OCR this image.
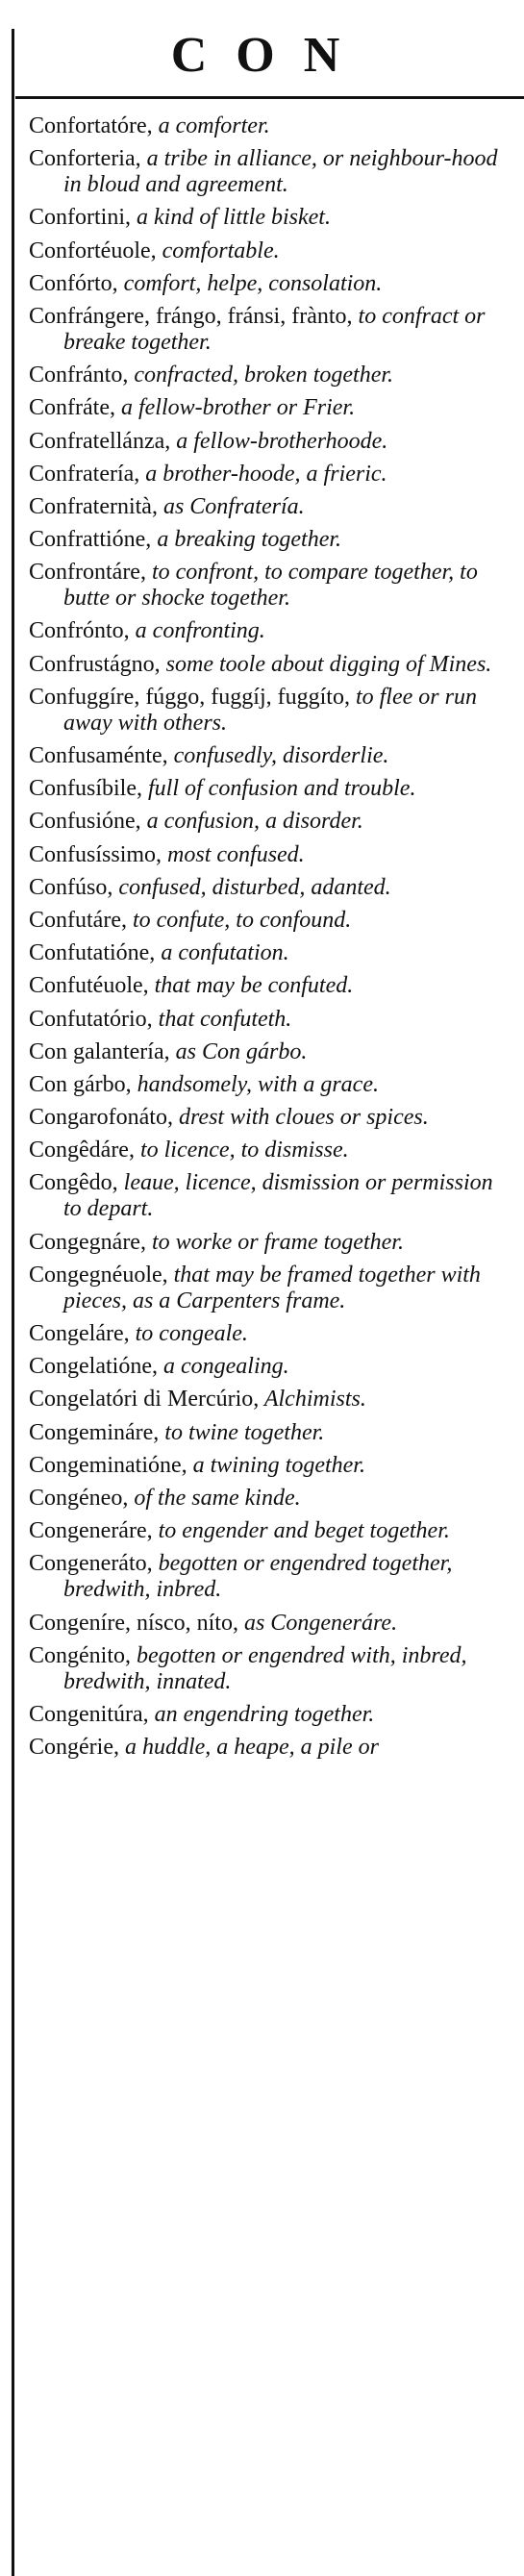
CON
Confortatóre, a comforter.
Conforteria, a tribe in alliance, or neighbour-hood in bloud and agreement.
Confortini, a kind of little bisket.
Confortéuole, comfortable.
Confórto, comfort, helpe, consolation.
Confrángere, frángo, fránsi, frànto, to confract or breake together.
Confránto, confracted, broken together.
Confráte, a fellow-brother or Frier.
Confratellánza, a fellow-brotherhoode.
Confratería, a brother-hoode, a frieric.
Confraternità, as Confratería.
Confrattióne, a breaking together.
Confrontáre, to confront, to compare together, to butte or shocke together.
Confrónto, a confronting.
Confrustágno, some toole about digging of Mines.
Confuggíre, fúggo, fuggíj, fuggíto, to flee or run away with others.
Confusaménte, confusedly, disorderlie.
Confusíbile, full of confusion and trouble.
Confusióne, a confusion, a disorder.
Confusíssimo, most confused.
Confúso, confused, disturbed, adanted.
Confutáre, to confute, to confound.
Confutatióne, a confutation.
Confutéuole, that may be confuted.
Confutatório, that confuteth.
Con galantería, as Con gárbo.
Con gárbo, handsomely, with a grace.
Congarofonáto, drest with cloues or spices.
Congêdáre, to licence, to dismisse.
Congêdo, leaue, licence, dismission or permission to depart.
Congegnáre, to worke or frame together.
Congegnéuole, that may be framed together with pieces, as a Carpenters frame.
Congeláre, to congeale.
Congelatióne, a congealing.
Congelatóri di Mercúrio, Alchimists.
Congemináre, to twine together.
Congeminatióne, a twining together.
Congéneo, of the same kinde.
Congeneráre, to engender and beget together.
Congeneráto, begotten or engendred together, bredwith, inbred.
Congeníre, nísco, níto, as Congeneráre.
Congénito, begotten or engendred with, inbred, bredwith, innated.
Congenitúra, an engendring together.
Congérie, a huddle, a heape, a pile or
